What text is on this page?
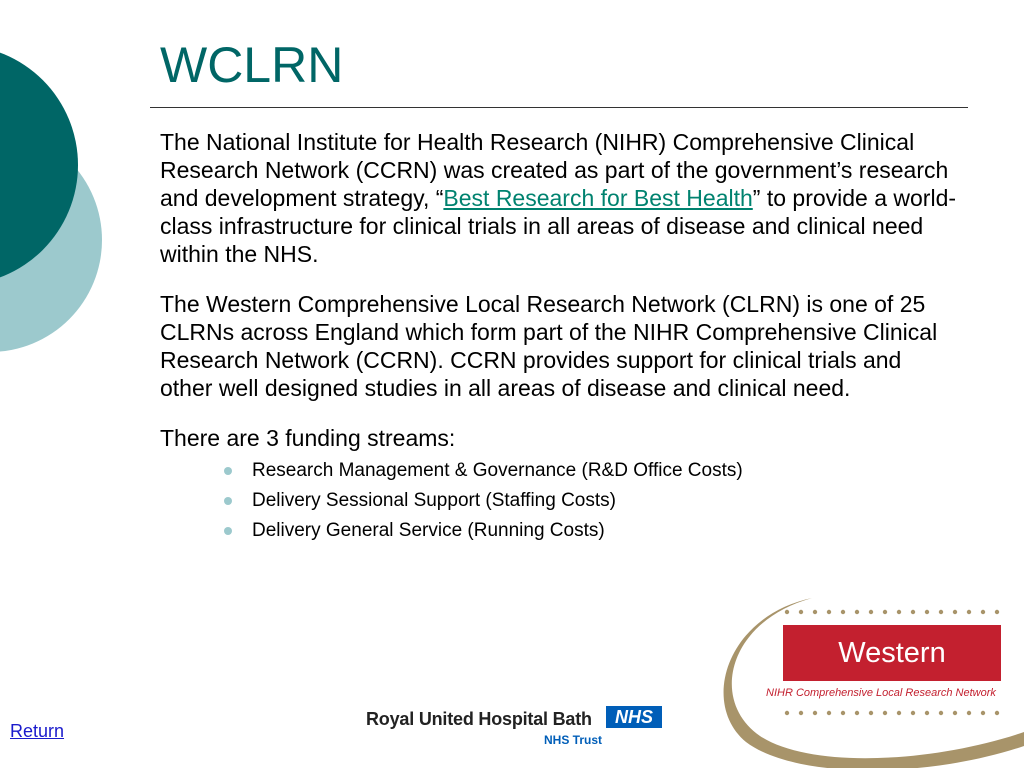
WCLRN

The National Institute for Health Research (NIHR) Comprehensive Clinical Research Network (CCRN) was created as part of the government’s research and development strategy, “Best Research for Best Health” to provide a world-class infrastructure for clinical trials in all areas of disease and clinical need within the NHS.

The Western Comprehensive Local Research Network (CLRN) is one of 25 CLRNs across England which form part of the NIHR Comprehensive Clinical Research Network (CCRN). CCRN provides support for clinical trials and other well designed studies in all areas of disease and clinical need.

There are 3 funding streams:

Research Management & Governance (R&D Office Costs)
Delivery Sessional Support (Staffing Costs)
Delivery General Service (Running Costs)
Return
Royal United Hospital Bath	NHS
NHS Trust
Western
NIHR Comprehensive Local Research Network
